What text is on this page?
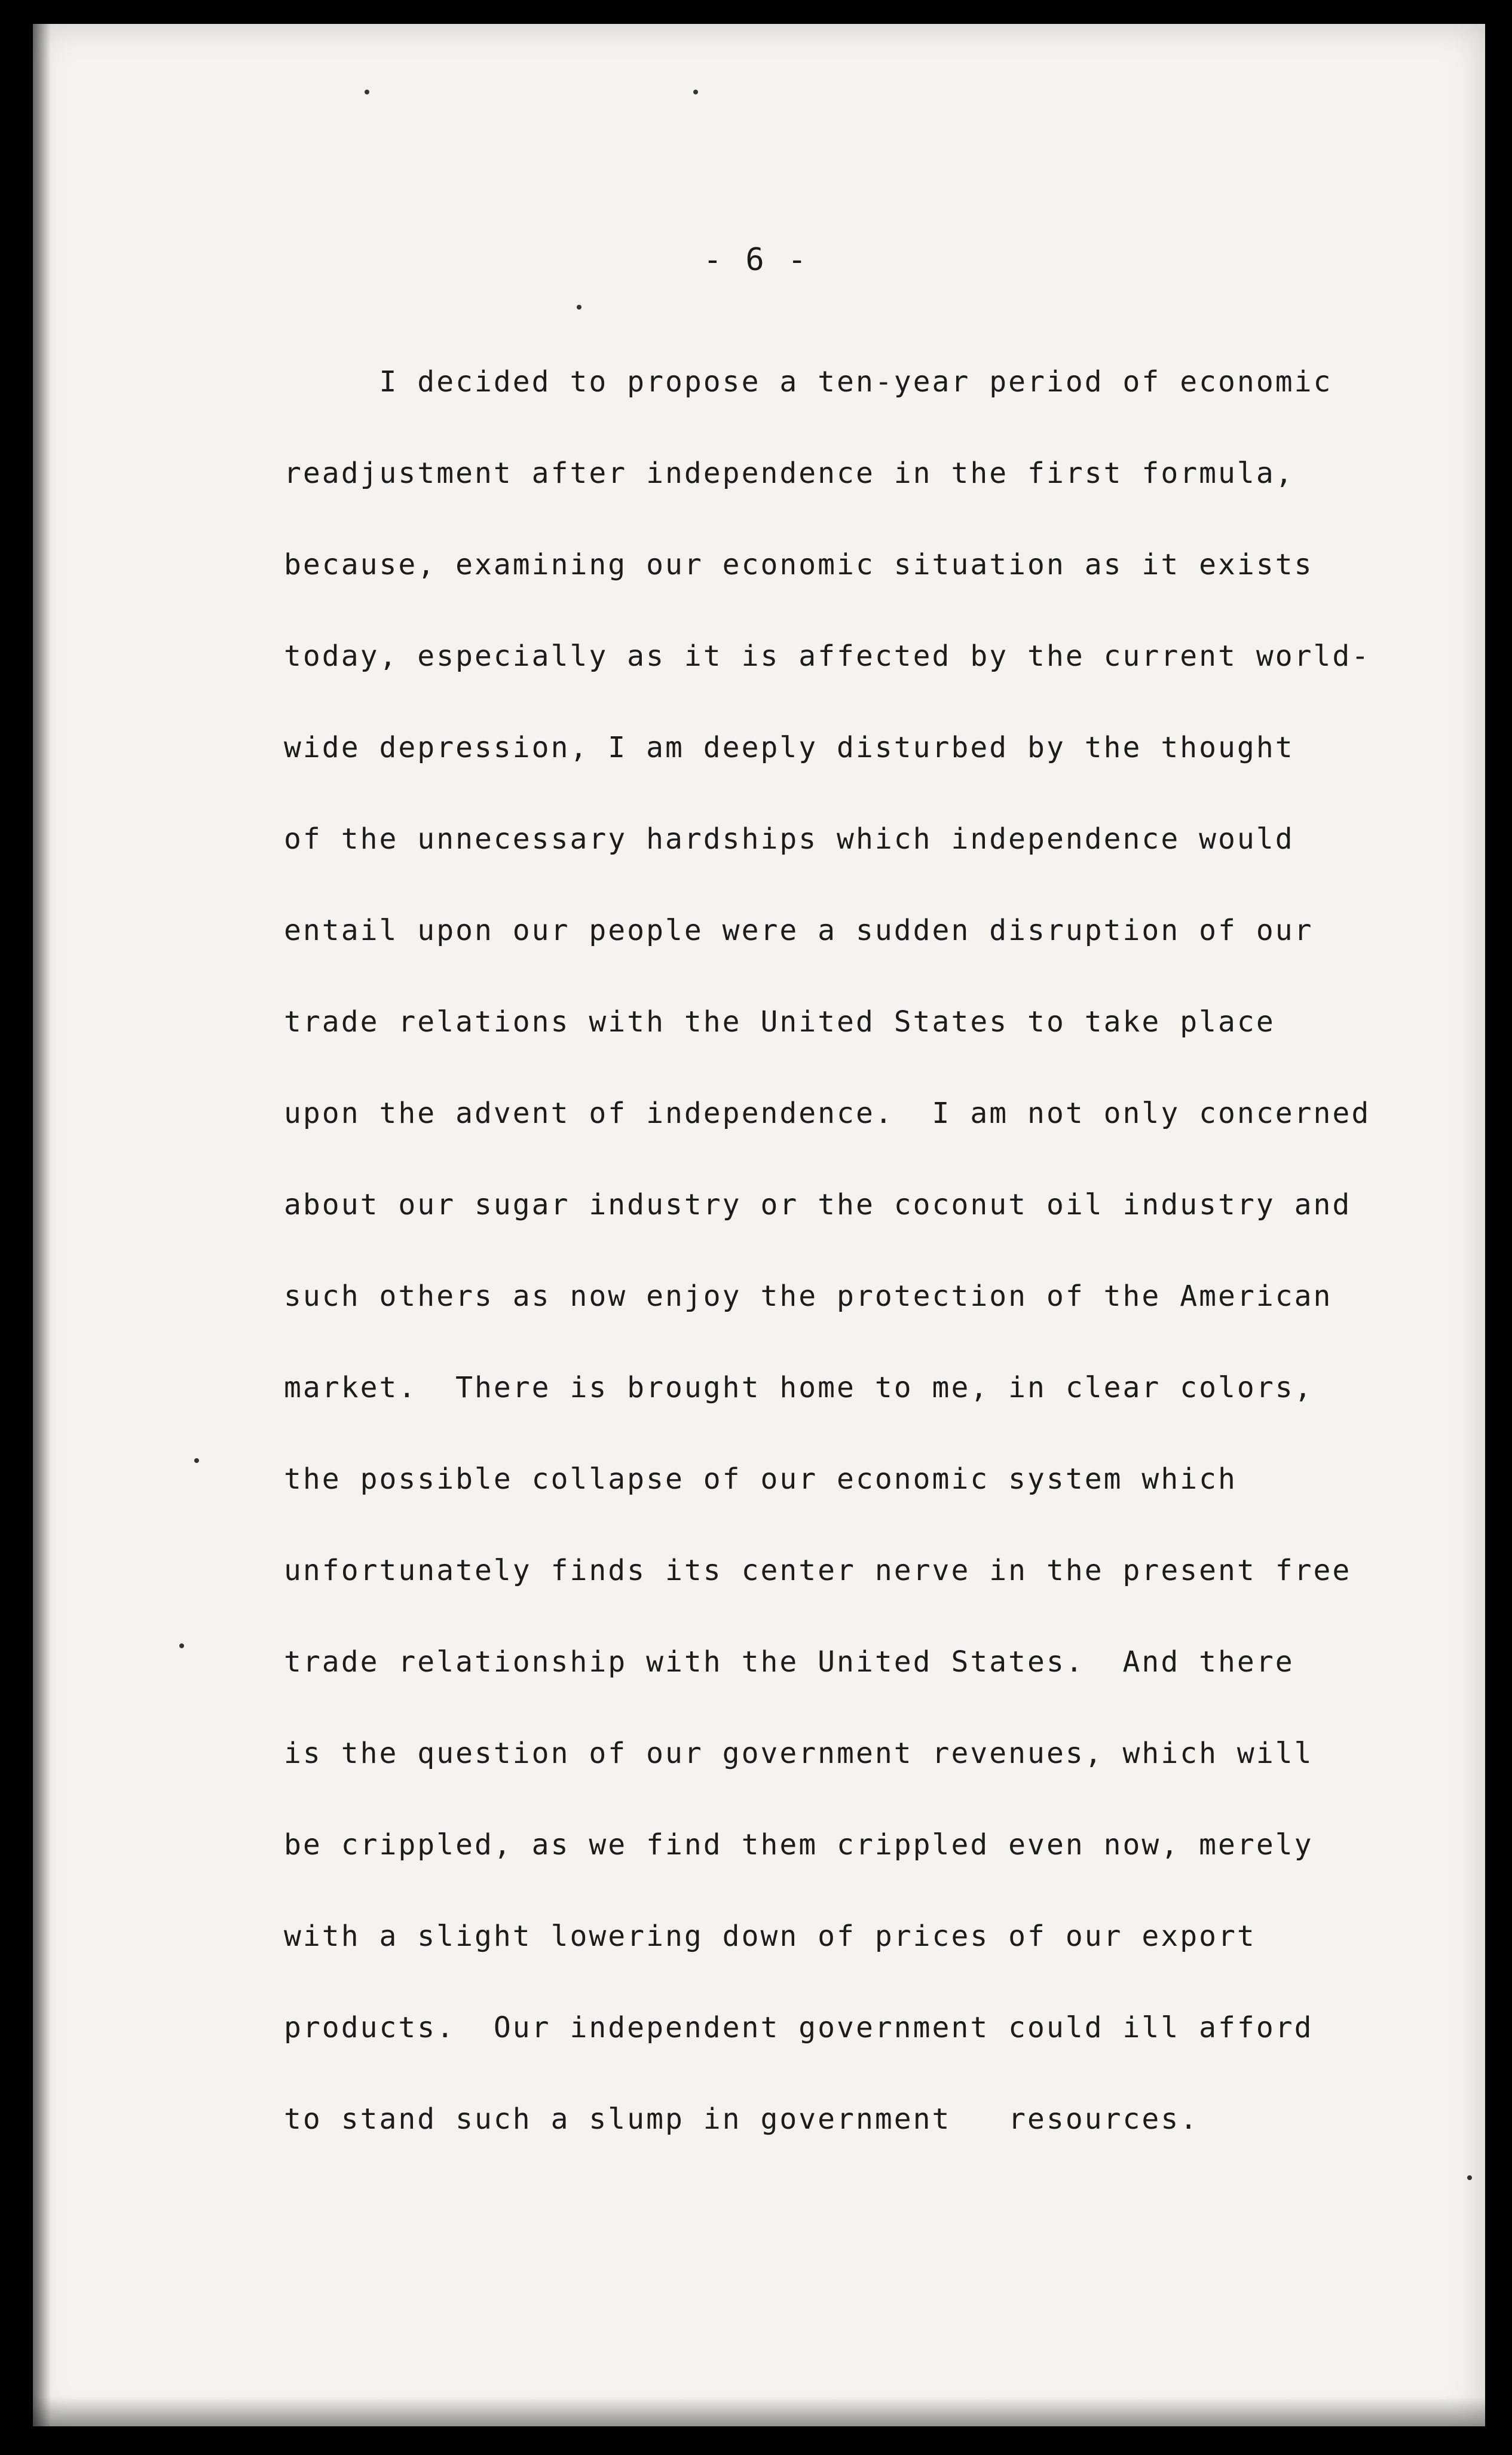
- 6 -
I decided to propose a ten-year period of economic
readjustment after independence in the first formula,
because, examining our economic situation as it exists
today, especially as it is affected by the current world-
wide depression, I am deeply disturbed by the thought
of the unnecessary hardships which independence would
entail upon our people were a sudden disruption of our
trade relations with the United States to take place
upon the advent of independence.  I am not only concerned
about our sugar industry or the coconut oil industry and
such others as now enjoy the protection of the American
market.  There is brought home to me, in clear colors,
the possible collapse of our economic system which
unfortunately finds its center nerve in the present free
trade relationship with the United States.  And there
is the question of our government revenues, which will
be crippled, as we find them crippled even now, merely
with a slight lowering down of prices of our export
products.  Our independent government could ill afford
to stand such a slump in government   resources.
